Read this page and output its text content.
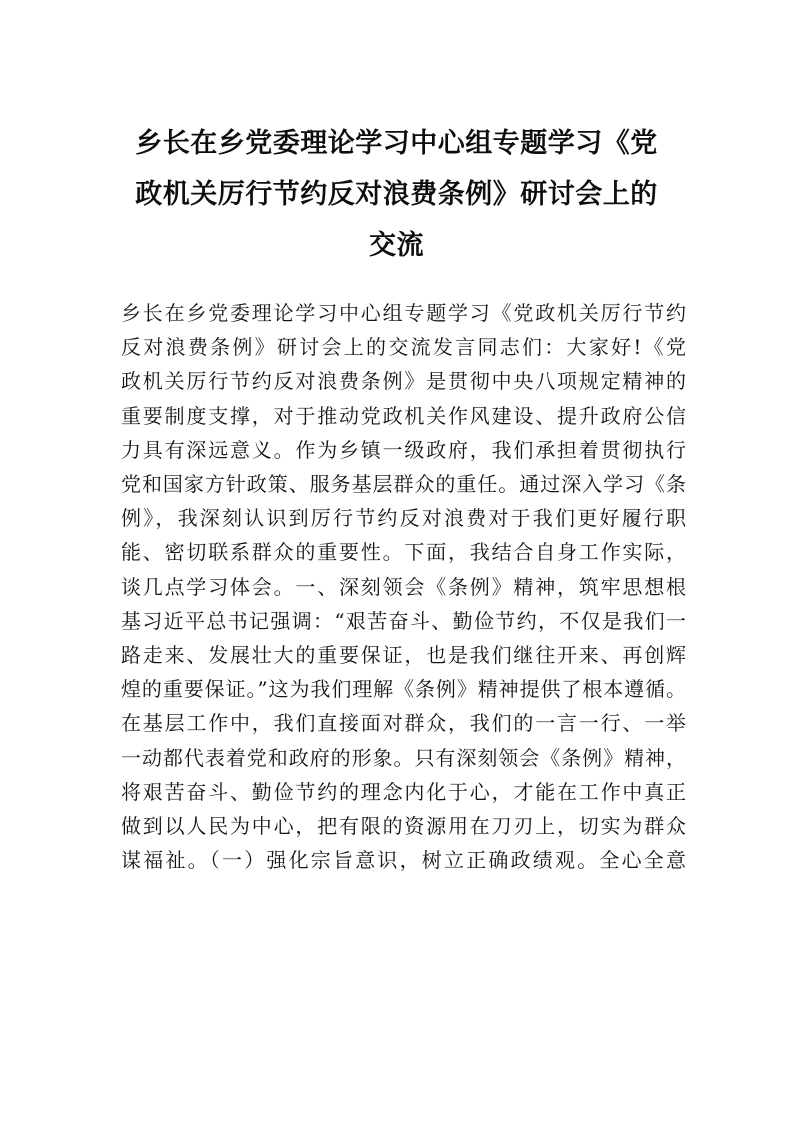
乡长在乡党委理论学习中心组专题学习《党
政机关厉行节约反对浪费条例》研讨会上的
交流
乡长在乡党委理论学习中心组专题学习《党政机关厉行节约
反对浪费条例》研讨会上的交流发言同志们：大家好!《党
政机关厉行节约反对浪费条例》是贯彻中央八项规定精神的
重要制度支撑，对于推动党政机关作风建设、提升政府公信
力具有深远意义。作为乡镇一级政府，我们承担着贯彻执行
党和国家方针政策、服务基层群众的重任。通过深入学习《条
例》，我深刻认识到厉行节约反对浪费对于我们更好履行职
能、密切联系群众的重要性。下面，我结合自身工作实际，
谈几点学习体会。一、深刻领会《条例》精神，筑牢思想根
基习近平总书记强调：“艰苦奋斗、勤俭节约，不仅是我们一
路走来、发展壮大的重要保证，也是我们继往开来、再创辉
煌的重要保证。”这为我们理解《条例》精神提供了根本遵循。
在基层工作中，我们直接面对群众，我们的一言一行、一举
一动都代表着党和政府的形象。只有深刻领会《条例》精神，
将艰苦奋斗、勤俭节约的理念内化于心，才能在工作中真正
做到以人民为中心，把有限的资源用在刀刃上，切实为群众
谋福祉。（一）强化宗旨意识，树立正确政绩观。全心全意
